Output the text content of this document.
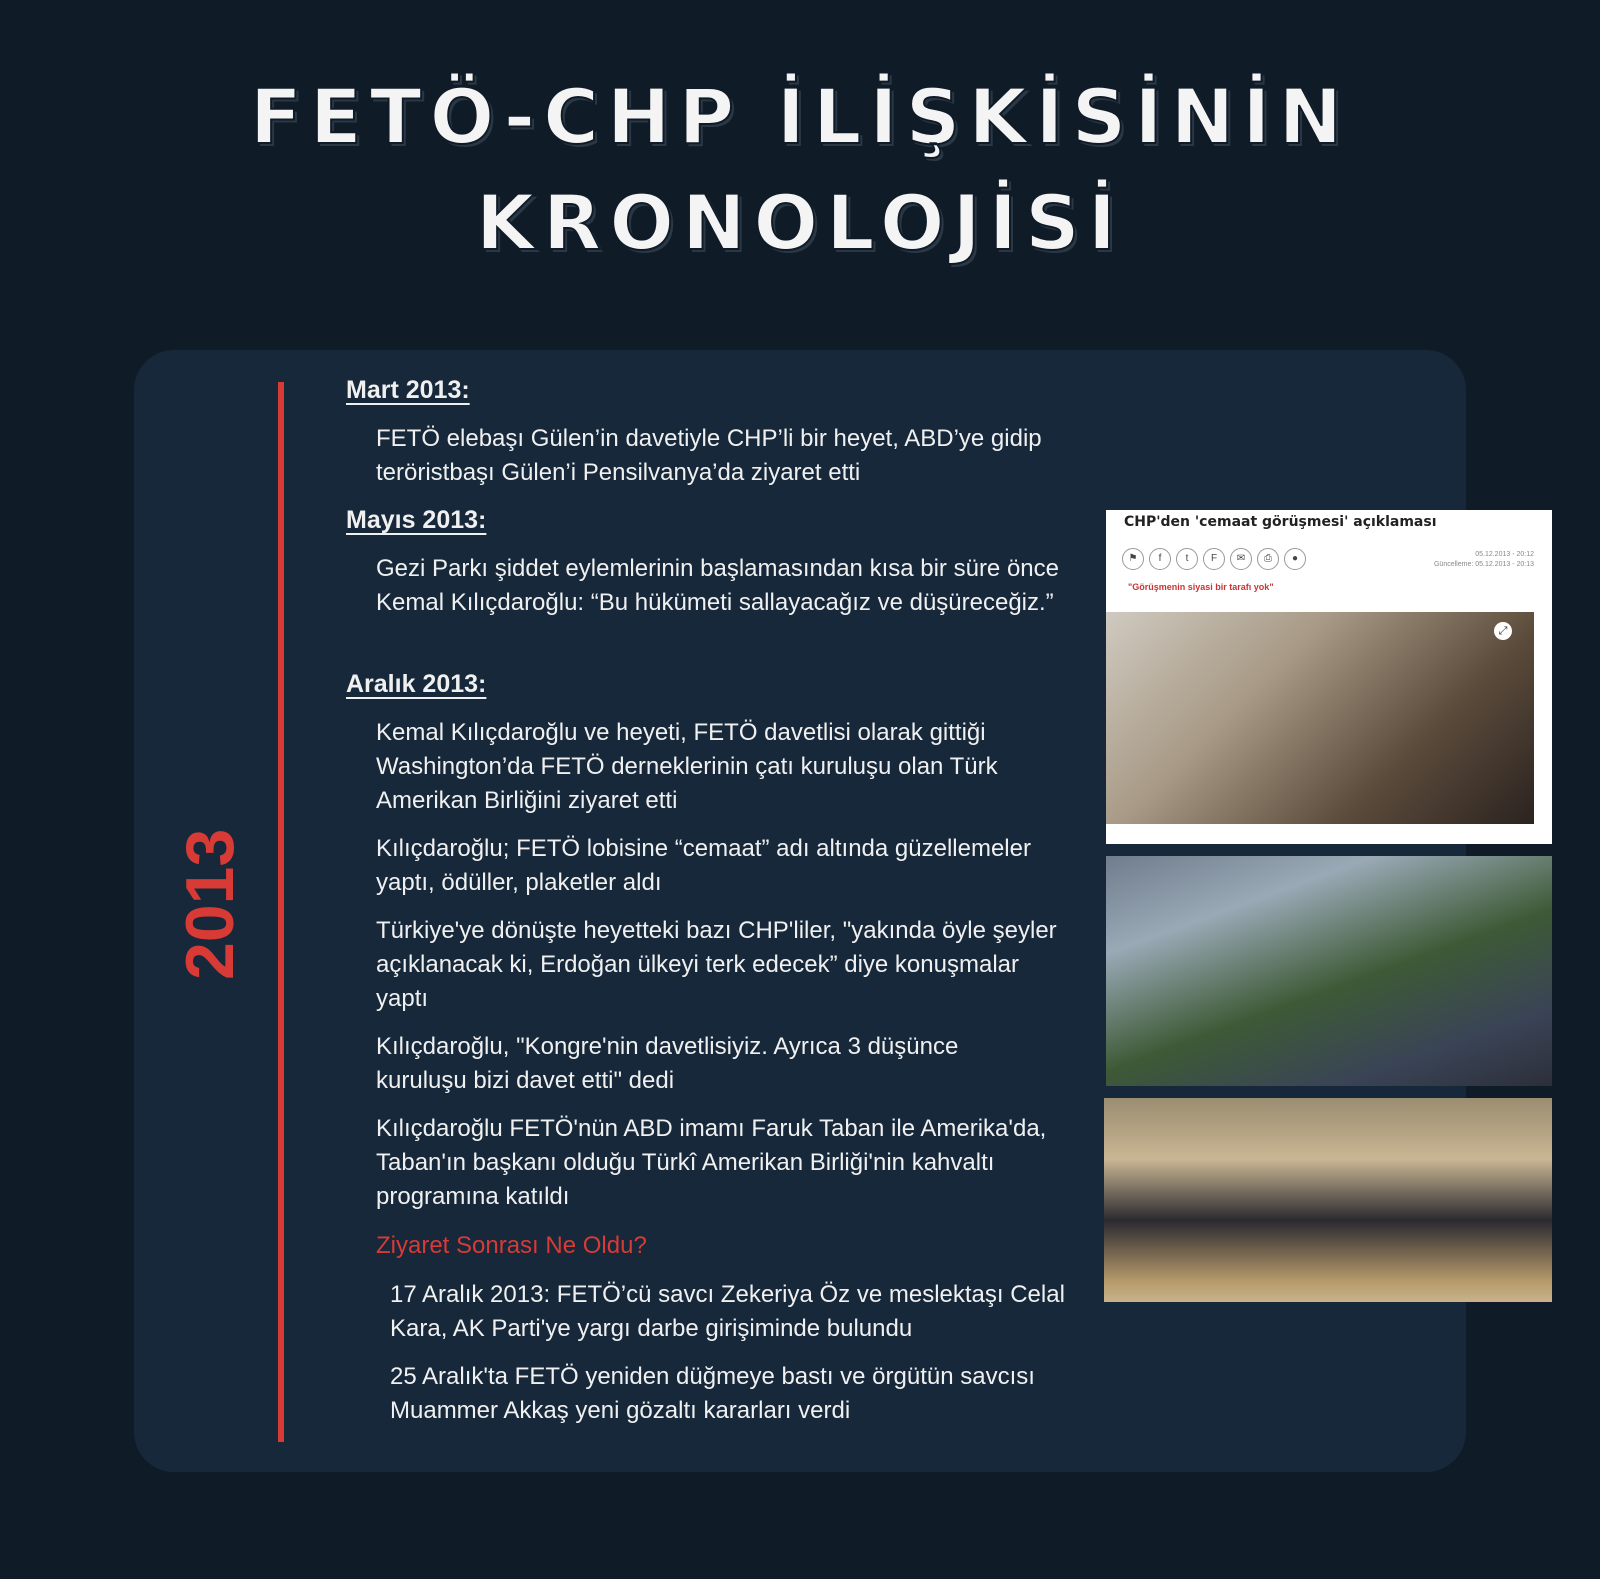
FETÖ-CHP İLİŞKİSİNİN
KRONOLOJİSİ
2013
Mart 2013:
FETÖ elebaşı Gülen’in davetiyle CHP’li bir heyet, ABD’ye gidip teröristbaşı Gülen’i Pensilvanya’da ziyaret etti
Mayıs 2013:
Gezi Parkı şiddet eylemlerinin başlamasından kısa bir süre önce Kemal Kılıçdaroğlu: “Bu hükümeti sallayacağız ve düşüreceğiz.”
Aralık 2013:
Kemal Kılıçdaroğlu ve heyeti, FETÖ davetlisi olarak gittiği Washington’da FETÖ derneklerinin çatı kuruluşu olan Türk Amerikan Birliğini ziyaret etti
Kılıçdaroğlu; FETÖ lobisine “cemaat” adı altında güzellemeler yaptı, ödüller, plaketler aldı
Türkiye'ye dönüşte heyetteki bazı CHP'liler, "yakında öyle şeyler açıklanacak ki, Erdoğan ülkeyi terk edecek” diye konuşmalar yaptı
Kılıçdaroğlu, "Kongre'nin davetlisiyiz. Ayrıca 3 düşünce kuruluşu bizi davet etti" dedi
Kılıçdaroğlu FETÖ'nün ABD imamı Faruk Taban ile Amerika'da, Taban'ın başkanı olduğu Türkî Amerikan Birliği'nin kahvaltı programına katıldı
Ziyaret Sonrası Ne Oldu?
17 Aralık 2013: FETÖ’cü savcı Zekeriya Öz ve meslektaşı Celal Kara, AK Parti'ye yargı darbe girişiminde bulundu
25 Aralık'ta FETÖ yeniden düğmeye bastı ve örgütün savcısı Muammer Akkaş yeni gözaltı kararları verdi
CHP'den 'cemaat görüşmesi' açıklaması
⚑	f	t	F	✉	⎙	●	05.12.2013 - 20:12
Güncelleme: 05.12.2013 - 20:13
"Görüşmenin siyasi bir tarafı yok"
⤢
